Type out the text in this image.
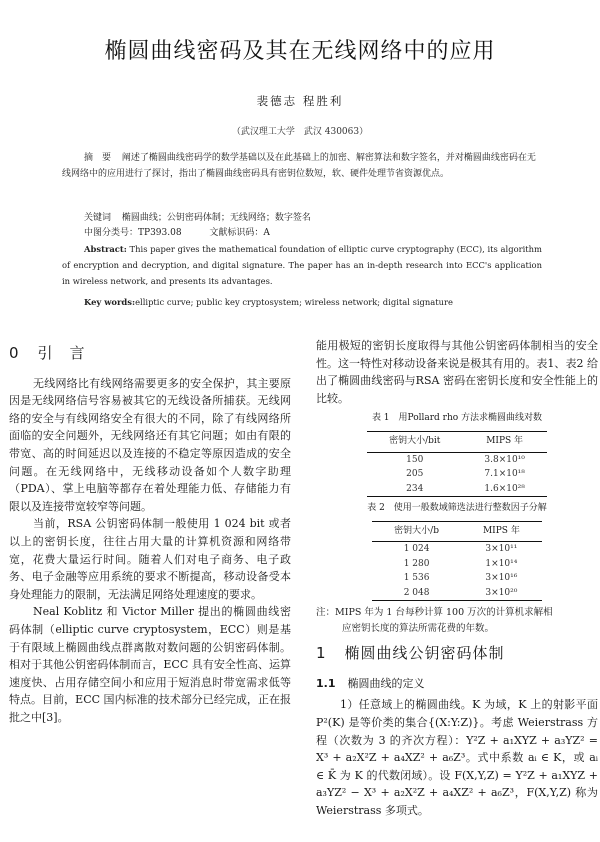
椭圆曲线密码及其在无线网络中的应用
裴德志 程胜利
（武汉理工大学　武汉 430063）
摘　要 阐述了椭圆曲线密码学的数学基础以及在此基础上的加密、解密算法和数字签名，并对椭圆曲线密码在无线网络中的应用进行了探讨，指出了椭圆曲线密码具有密钥位数短，软、硬件处理节省资源优点。
关键词 椭圆曲线；公钥密码体制；无线网络；数字签名
中图分类号：TP393.08	文献标识码：A
Abstract: This paper gives the mathematical foundation of elliptic curve cryptography (ECC), its algorithm of encryption and decryption, and digital signature. The paper has an in-depth research into ECC's application in wireless network, and presents its advantages.
Key words:elliptic curve; public key cryptosystem; wireless network; digital signature
0 引　言

无线网络比有线网络需要更多的安全保护，其主要原因是无线网络信号容易被其它的无线设备所捕获。无线网络的安全与有线网络安全有很大的不同，除了有线网络所面临的安全问题外，无线网络还有其它问题；如由有限的带宽、高的时间延迟以及连接的不稳定等原因造成的安全问题。在无线网络中，无线移动设备如个人数字助理（PDA）、掌上电脑等都存在着处理能力低、存储能力有限以及连接带宽较窄等问题。

当前，RSA 公钥密码体制一般使用 1 024 bit 或者以上的密钥长度，往往占用大量的计算机资源和网络带宽，花费大量运行时间。随着人们对电子商务、电子政务、电子金融等应用系统的要求不断提高，移动设备受本身处理能力的限制，无法满足网络处理速度的要求。

Neal Koblitz 和 Victor Miller 提出的椭圆曲线密码体制（elliptic curve cryptosystem，ECC）则是基于有限域上椭圆曲线点群离散对数问题的公钥密码体制。相对于其他公钥密码体制而言，ECC 具有安全性高、运算速度快、占用存储空间小和应用于短消息时带宽需求低等特点。目前，ECC 国内标准的技术部分已经完成，正在报批之中[3]。

能用极短的密钥长度取得与其他公钥密码体制相当的安全性。这一特性对移动设备来说是极其有用的。表1、表2 给出了椭圆曲线密码与RSA 密码在密钥长度和安全性能上的比较。

表 1　用Pollard rho 方法求椭圆曲线对数
密钥大小/bit	MIPS 年
150	3.8×10¹⁰
205	7.1×10¹⁸
234	1.6×10²⁸
表 2　使用一般数域筛选法进行整数因子分解
密钥大小/b	MIPS 年
1 024	3×10¹¹
1 280	1×10¹⁴
1 536	3×10¹⁶
2 048	3×10²⁰
注：MIPS 年为 1 台每秒计算 100 万次的计算机求解相
应密钥长度的算法所需花费的年数。
1 椭圆曲线公钥密码体制
1.1 椭圆曲线的定义

1）任意域上的椭圆曲线。K 为域，K 上的射影平面 P²(K) 是等价类的集合{(X:Y:Z)}。考虑 Weierstrass 方程（次数为 3 的齐次方程）：Y²Z + a₁XYZ + a₃YZ² = X³ + a₂X²Z + a₄XZ² + a₆Z³。式中系数 aᵢ ∈ K，或 aᵢ ∈ K̄ 为 K 的代数闭域）。设 F(X,Y,Z) = Y²Z + a₁XYZ + a₃YZ² − X³ + a₂X²Z + a₄XZ² + a₆Z³，F(X,Y,Z) 称为 Weierstrass 多项式。
